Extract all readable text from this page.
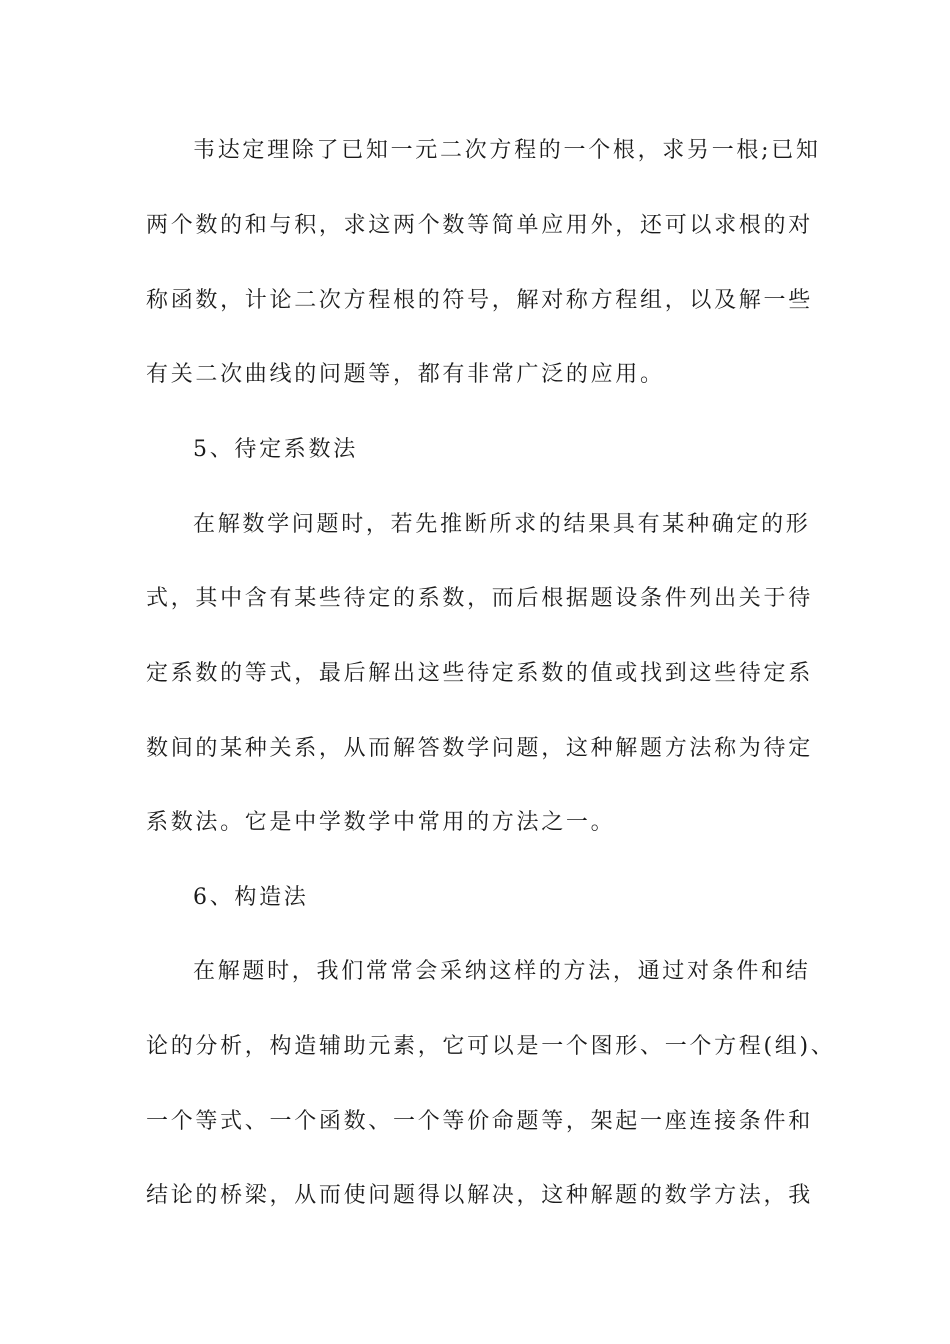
韦达定理除了已知一元二次方程的一个根，求另一根;已知
两个数的和与积，求这两个数等简单应用外，还可以求根的对
称函数，计论二次方程根的符号，解对称方程组，以及解一些
有关二次曲线的问题等，都有非常广泛的应用。
5、待定系数法
在解数学问题时，若先推断所求的结果具有某种确定的形
式，其中含有某些待定的系数，而后根据题设条件列出关于待
定系数的等式，最后解出这些待定系数的值或找到这些待定系
数间的某种关系，从而解答数学问题，这种解题方法称为待定
系数法。它是中学数学中常用的方法之一。
6、构造法
在解题时，我们常常会采纳这样的方法，通过对条件和结
论的分析，构造辅助元素，它可以是一个图形、一个方程(组)、
一个等式、一个函数、一个等价命题等，架起一座连接条件和
结论的桥梁，从而使问题得以解决，这种解题的数学方法，我
